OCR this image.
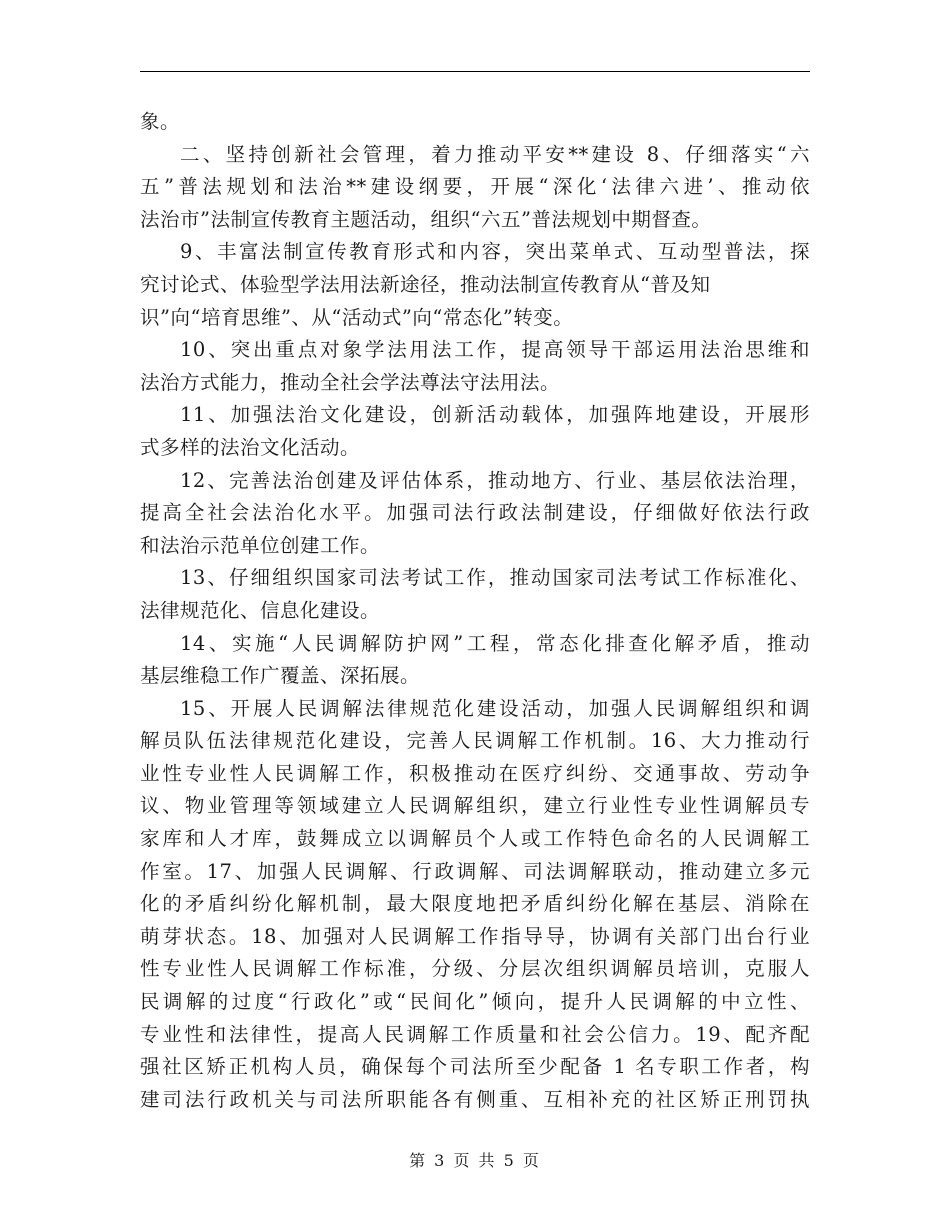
象。
二、坚持创新社会管理，着力推动平安**建设 8、仔细落实“六
五”普法规划和法治**建设纲要，开展“深化‘法律六进’、推动依
法治市”法制宣传教育主题活动，组织“六五”普法规划中期督查。
9、丰富法制宣传教育形式和内容，突出菜单式、互动型普法，探
究讨论式、体验型学法用法新途径，推动法制宣传教育从“普及知
识”向“培育思维”、从“活动式”向“常态化”转变。
10、突出重点对象学法用法工作，提高领导干部运用法治思维和
法治方式能力，推动全社会学法尊法守法用法。
11、加强法治文化建设，创新活动载体，加强阵地建设，开展形
式多样的法治文化活动。
12、完善法治创建及评估体系，推动地方、行业、基层依法治理，
提高全社会法治化水平。加强司法行政法制建设，仔细做好依法行政
和法治示范单位创建工作。
13、仔细组织国家司法考试工作，推动国家司法考试工作标准化、
法律规范化、信息化建设。
14、实施“人民调解防护网”工程，常态化排查化解矛盾，推动
基层维稳工作广覆盖、深拓展。
15、开展人民调解法律规范化建设活动，加强人民调解组织和调
解员队伍法律规范化建设，完善人民调解工作机制。16、大力推动行
业性专业性人民调解工作，积极推动在医疗纠纷、交通事故、劳动争
议、物业管理等领域建立人民调解组织，建立行业性专业性调解员专
家库和人才库，鼓舞成立以调解员个人或工作特色命名的人民调解工
作室。17、加强人民调解、行政调解、司法调解联动，推动建立多元
化的矛盾纠纷化解机制，最大限度地把矛盾纠纷化解在基层、消除在
萌芽状态。18、加强对人民调解工作指导导，协调有关部门出台行业
性专业性人民调解工作标准，分级、分层次组织调解员培训，克服人
民调解的过度“行政化”或“民间化”倾向，提升人民调解的中立性、
专业性和法律性，提高人民调解工作质量和社会公信力。19、配齐配
强社区矫正机构人员，确保每个司法所至少配备 1 名专职工作者，构
建司法行政机关与司法所职能各有侧重、互相补充的社区矫正刑罚执
第 3 页 共 5 页
